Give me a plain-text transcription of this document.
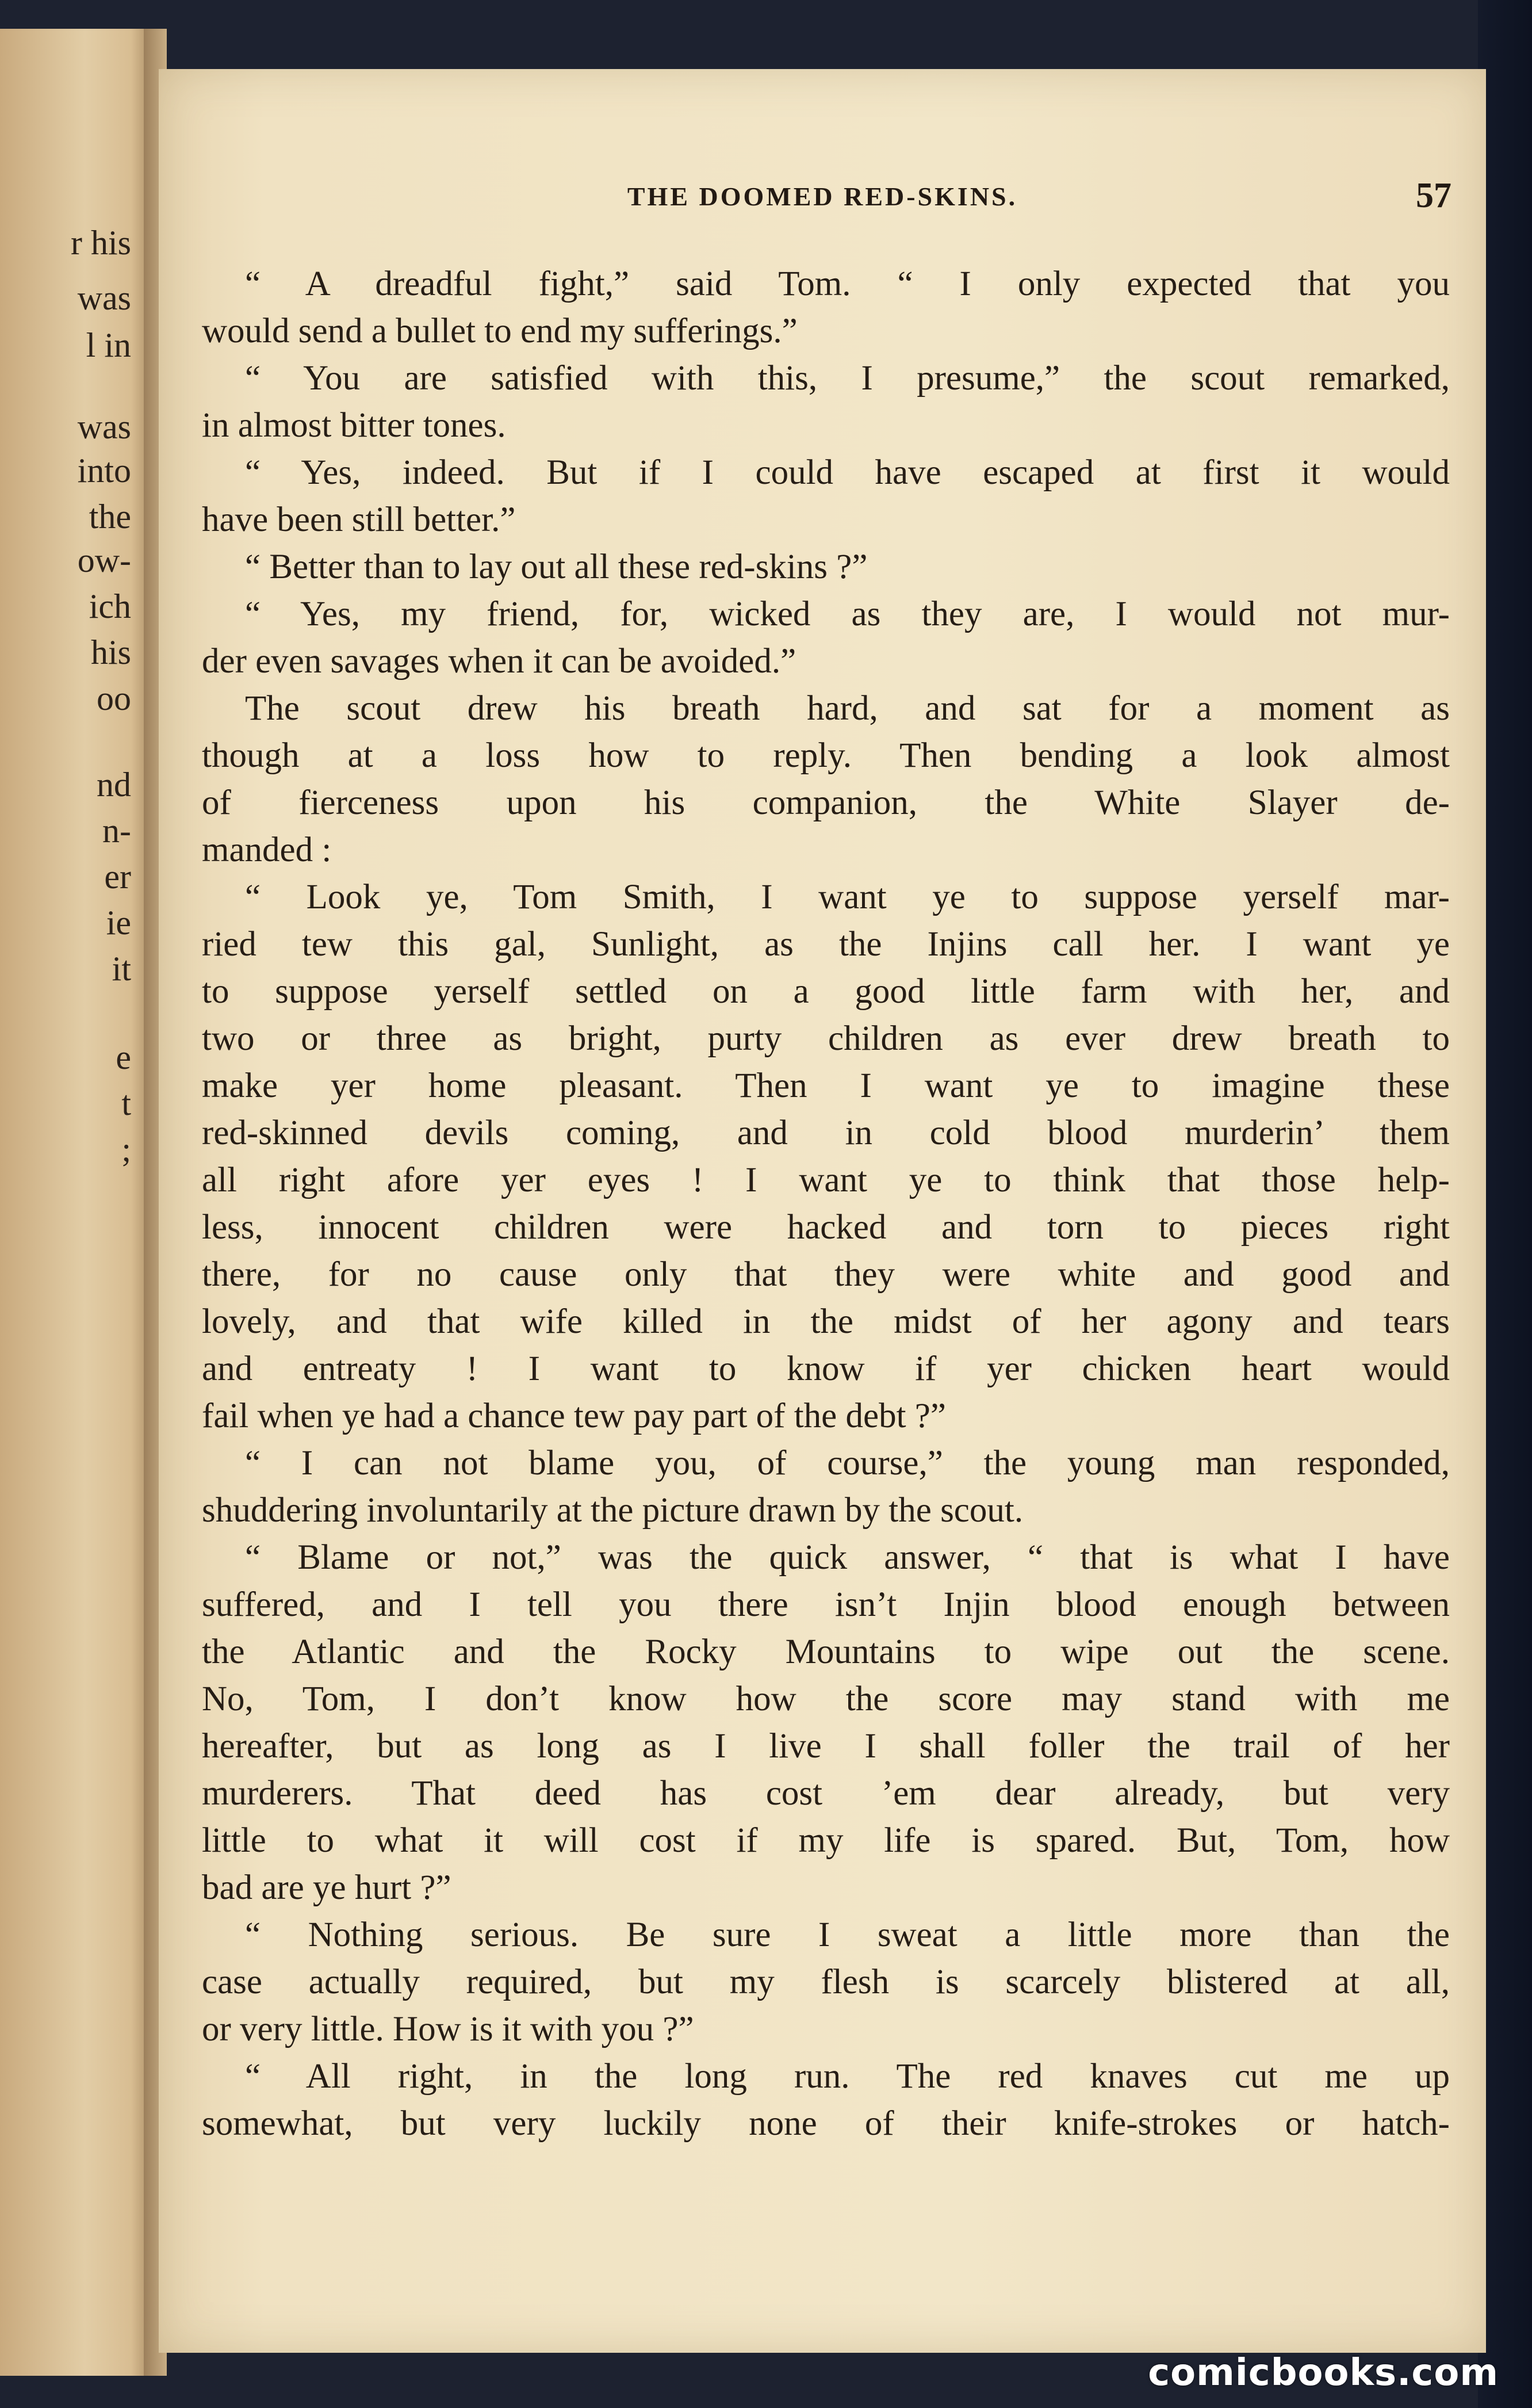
r his
was
l in
was
into
the
ow-
ich
his
oo
nd
n-
er
ie
it
e
t
;
THE DOOMED RED-SKINS.	57
“ A dreadful fight,” said Tom. “ I only expected that you
would send a bullet to end my sufferings.”
“ You are satisfied with this, I presume,” the scout remarked,
in almost bitter tones.
“ Yes, indeed. But if I could have escaped at first it would
have been still better.”
“ Better than to lay out all these red-skins ?”
“ Yes, my friend, for, wicked as they are, I would not mur-
der even savages when it can be avoided.”
The scout drew his breath hard, and sat for a moment as
though at a loss how to reply. Then bending a look almost
of fierceness upon his companion, the White Slayer de-
manded :
“ Look ye, Tom Smith, I want ye to suppose yerself mar-
ried tew this gal, Sunlight, as the Injins call her. I want ye
to suppose yerself settled on a good little farm with her, and
two or three as bright, purty children as ever drew breath to
make yer home pleasant. Then I want ye to imagine these
red-skinned devils coming, and in cold blood murderin’ them
all right afore yer eyes ! I want ye to think that those help-
less, innocent children were hacked and torn to pieces right
there, for no cause only that they were white and good and
lovely, and that wife killed in the midst of her agony and tears
and entreaty ! I want to know if yer chicken heart would
fail when ye had a chance tew pay part of the debt ?”
“ I can not blame you, of course,” the young man responded,
shuddering involuntarily at the picture drawn by the scout.
“ Blame or not,” was the quick answer, “ that is what I have
suffered, and I tell you there isn’t Injin blood enough between
the Atlantic and the Rocky Mountains to wipe out the scene.
No, Tom, I don’t know how the score may stand with me
hereafter, but as long as I live I shall foller the trail of her
murderers. That deed has cost ’em dear already, but very
little to what it will cost if my life is spared. But, Tom, how
bad are ye hurt ?”
“ Nothing serious. Be sure I sweat a little more than the
case actually required, but my flesh is scarcely blistered at all,
or very little. How is it with you ?”
“ All right, in the long run. The red knaves cut me up
somewhat, but very luckily none of their knife-strokes or hatch-
comicbooks.com
